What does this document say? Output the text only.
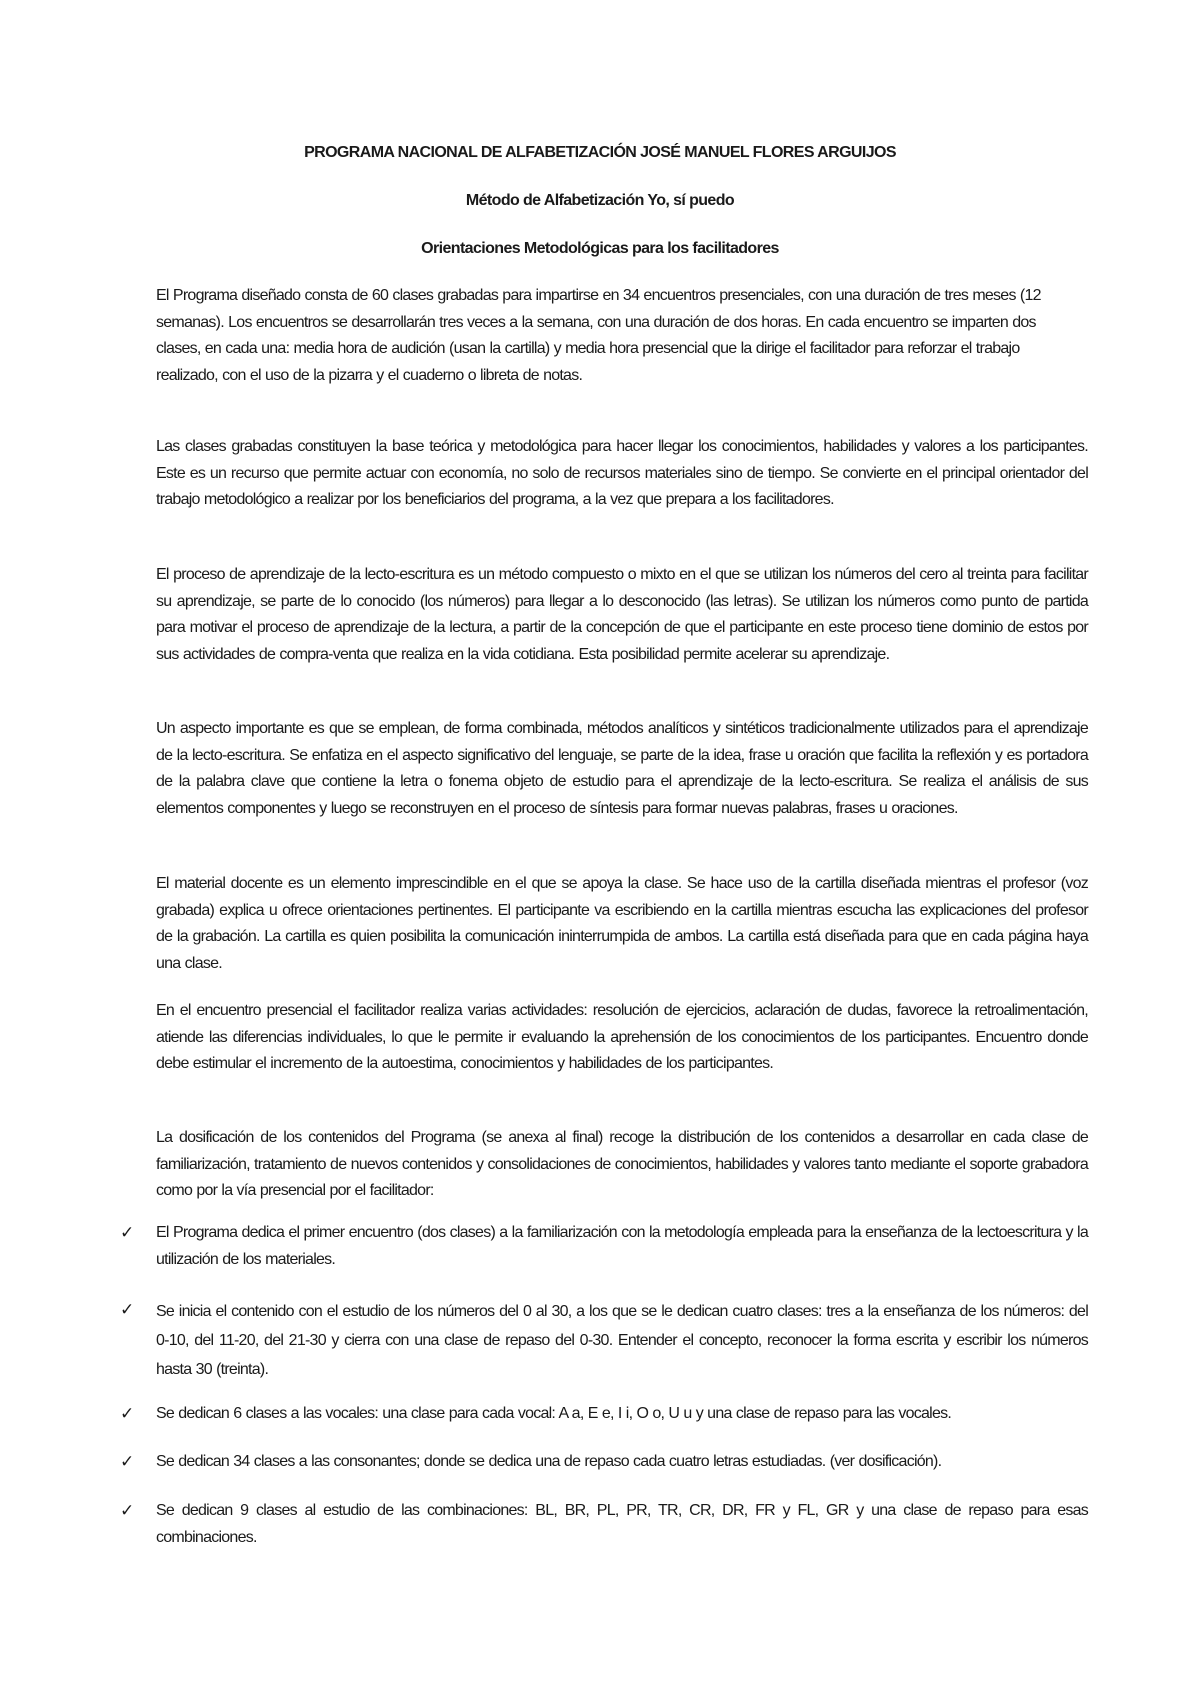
PROGRAMA NACIONAL DE ALFABETIZACIÓN JOSÉ MANUEL FLORES ARGUIJOS
Método de Alfabetización Yo, sí puedo
Orientaciones Metodológicas para los facilitadores

El Programa diseñado consta de 60 clases grabadas para impartirse en 34 encuentros presenciales, con una duración de tres meses (12 semanas). Los encuentros se desarrollarán tres veces a la semana, con una duración de dos horas. En cada encuentro se imparten dos clases, en cada una: media hora de audición (usan la cartilla) y media hora presencial que la dirige el facilitador para reforzar el trabajo realizado, con el uso de la pizarra y el cuaderno o libreta de notas.

Las clases grabadas constituyen la base teórica y metodológica para hacer llegar los conocimientos, habilidades y valores a los participantes. Este es un recurso que permite actuar con economía, no solo de recursos materiales sino de tiempo. Se convierte en el principal orientador del trabajo metodológico a realizar por los beneficiarios del programa, a la vez que prepara a los facilitadores.

El proceso de aprendizaje de la lecto-escritura es un método compuesto o mixto en el que se utilizan los números del cero al treinta para facilitar su aprendizaje, se parte de lo conocido (los números) para llegar a lo desconocido (las letras). Se utilizan los números como punto de partida para motivar el proceso de aprendizaje de la lectura, a partir de la concepción de que el participante en este proceso tiene dominio de estos por sus actividades de compra-venta que realiza en la vida cotidiana. Esta posibilidad permite acelerar su aprendizaje.

Un aspecto importante es que se emplean, de forma combinada, métodos analíticos y sintéticos tradicionalmente utilizados para el aprendizaje de la lecto-escritura. Se enfatiza en el aspecto significativo del lenguaje, se parte de la idea, frase u oración que facilita la reflexión y es portadora de la palabra clave que contiene la letra o fonema objeto de estudio para el aprendizaje de la lecto-escritura. Se realiza el análisis de sus elementos componentes y luego se reconstruyen en el proceso de síntesis para formar nuevas palabras, frases u oraciones.

El material docente es un elemento imprescindible en el que se apoya la clase. Se hace uso de la cartilla diseñada mientras el profesor (voz grabada) explica u ofrece orientaciones pertinentes. El participante va escribiendo en la cartilla mientras escucha las explicaciones del profesor de la grabación. La cartilla es quien posibilita la comunicación ininterrumpida de ambos. La cartilla está diseñada para que en cada página haya una clase.

En el encuentro presencial el facilitador realiza varias actividades: resolución de ejercicios, aclaración de dudas, favorece la retroalimentación, atiende las diferencias individuales, lo que le permite ir evaluando la aprehensión de los conocimientos de los participantes. Encuentro donde debe estimular el incremento de la autoestima, conocimientos y habilidades de los participantes.

La dosificación de los contenidos del Programa (se anexa al final) recoge la distribución de los contenidos a desarrollar en cada clase de familiarización, tratamiento de nuevos contenidos y consolidaciones de conocimientos, habilidades y valores tanto mediante el soporte grabadora como por la vía presencial por el facilitador:

✓ El Programa dedica el primer encuentro (dos clases) a la familiarización con la metodología empleada para la enseñanza de la lectoescritura y la utilización de los materiales.

✓ Se inicia el contenido con el estudio de los números del 0 al 30, a los que se le dedican cuatro clases: tres a la enseñanza de los números: del 0-10, del 11-20, del 21-30 y cierra con una clase de repaso del 0-30. Entender el concepto, reconocer la forma escrita y escribir los números hasta 30 (treinta).

✓ Se dedican 6 clases a las vocales: una clase para cada vocal: A a, E e, I i, O o, U u y una clase de repaso para las vocales.

✓ Se dedican 34 clases a las consonantes; donde se dedica una de repaso cada cuatro letras estudiadas. (ver dosificación).

✓ Se dedican 9 clases al estudio de las combinaciones: BL, BR, PL, PR, TR, CR, DR, FR y FL, GR y una clase de repaso para esas combinaciones.
